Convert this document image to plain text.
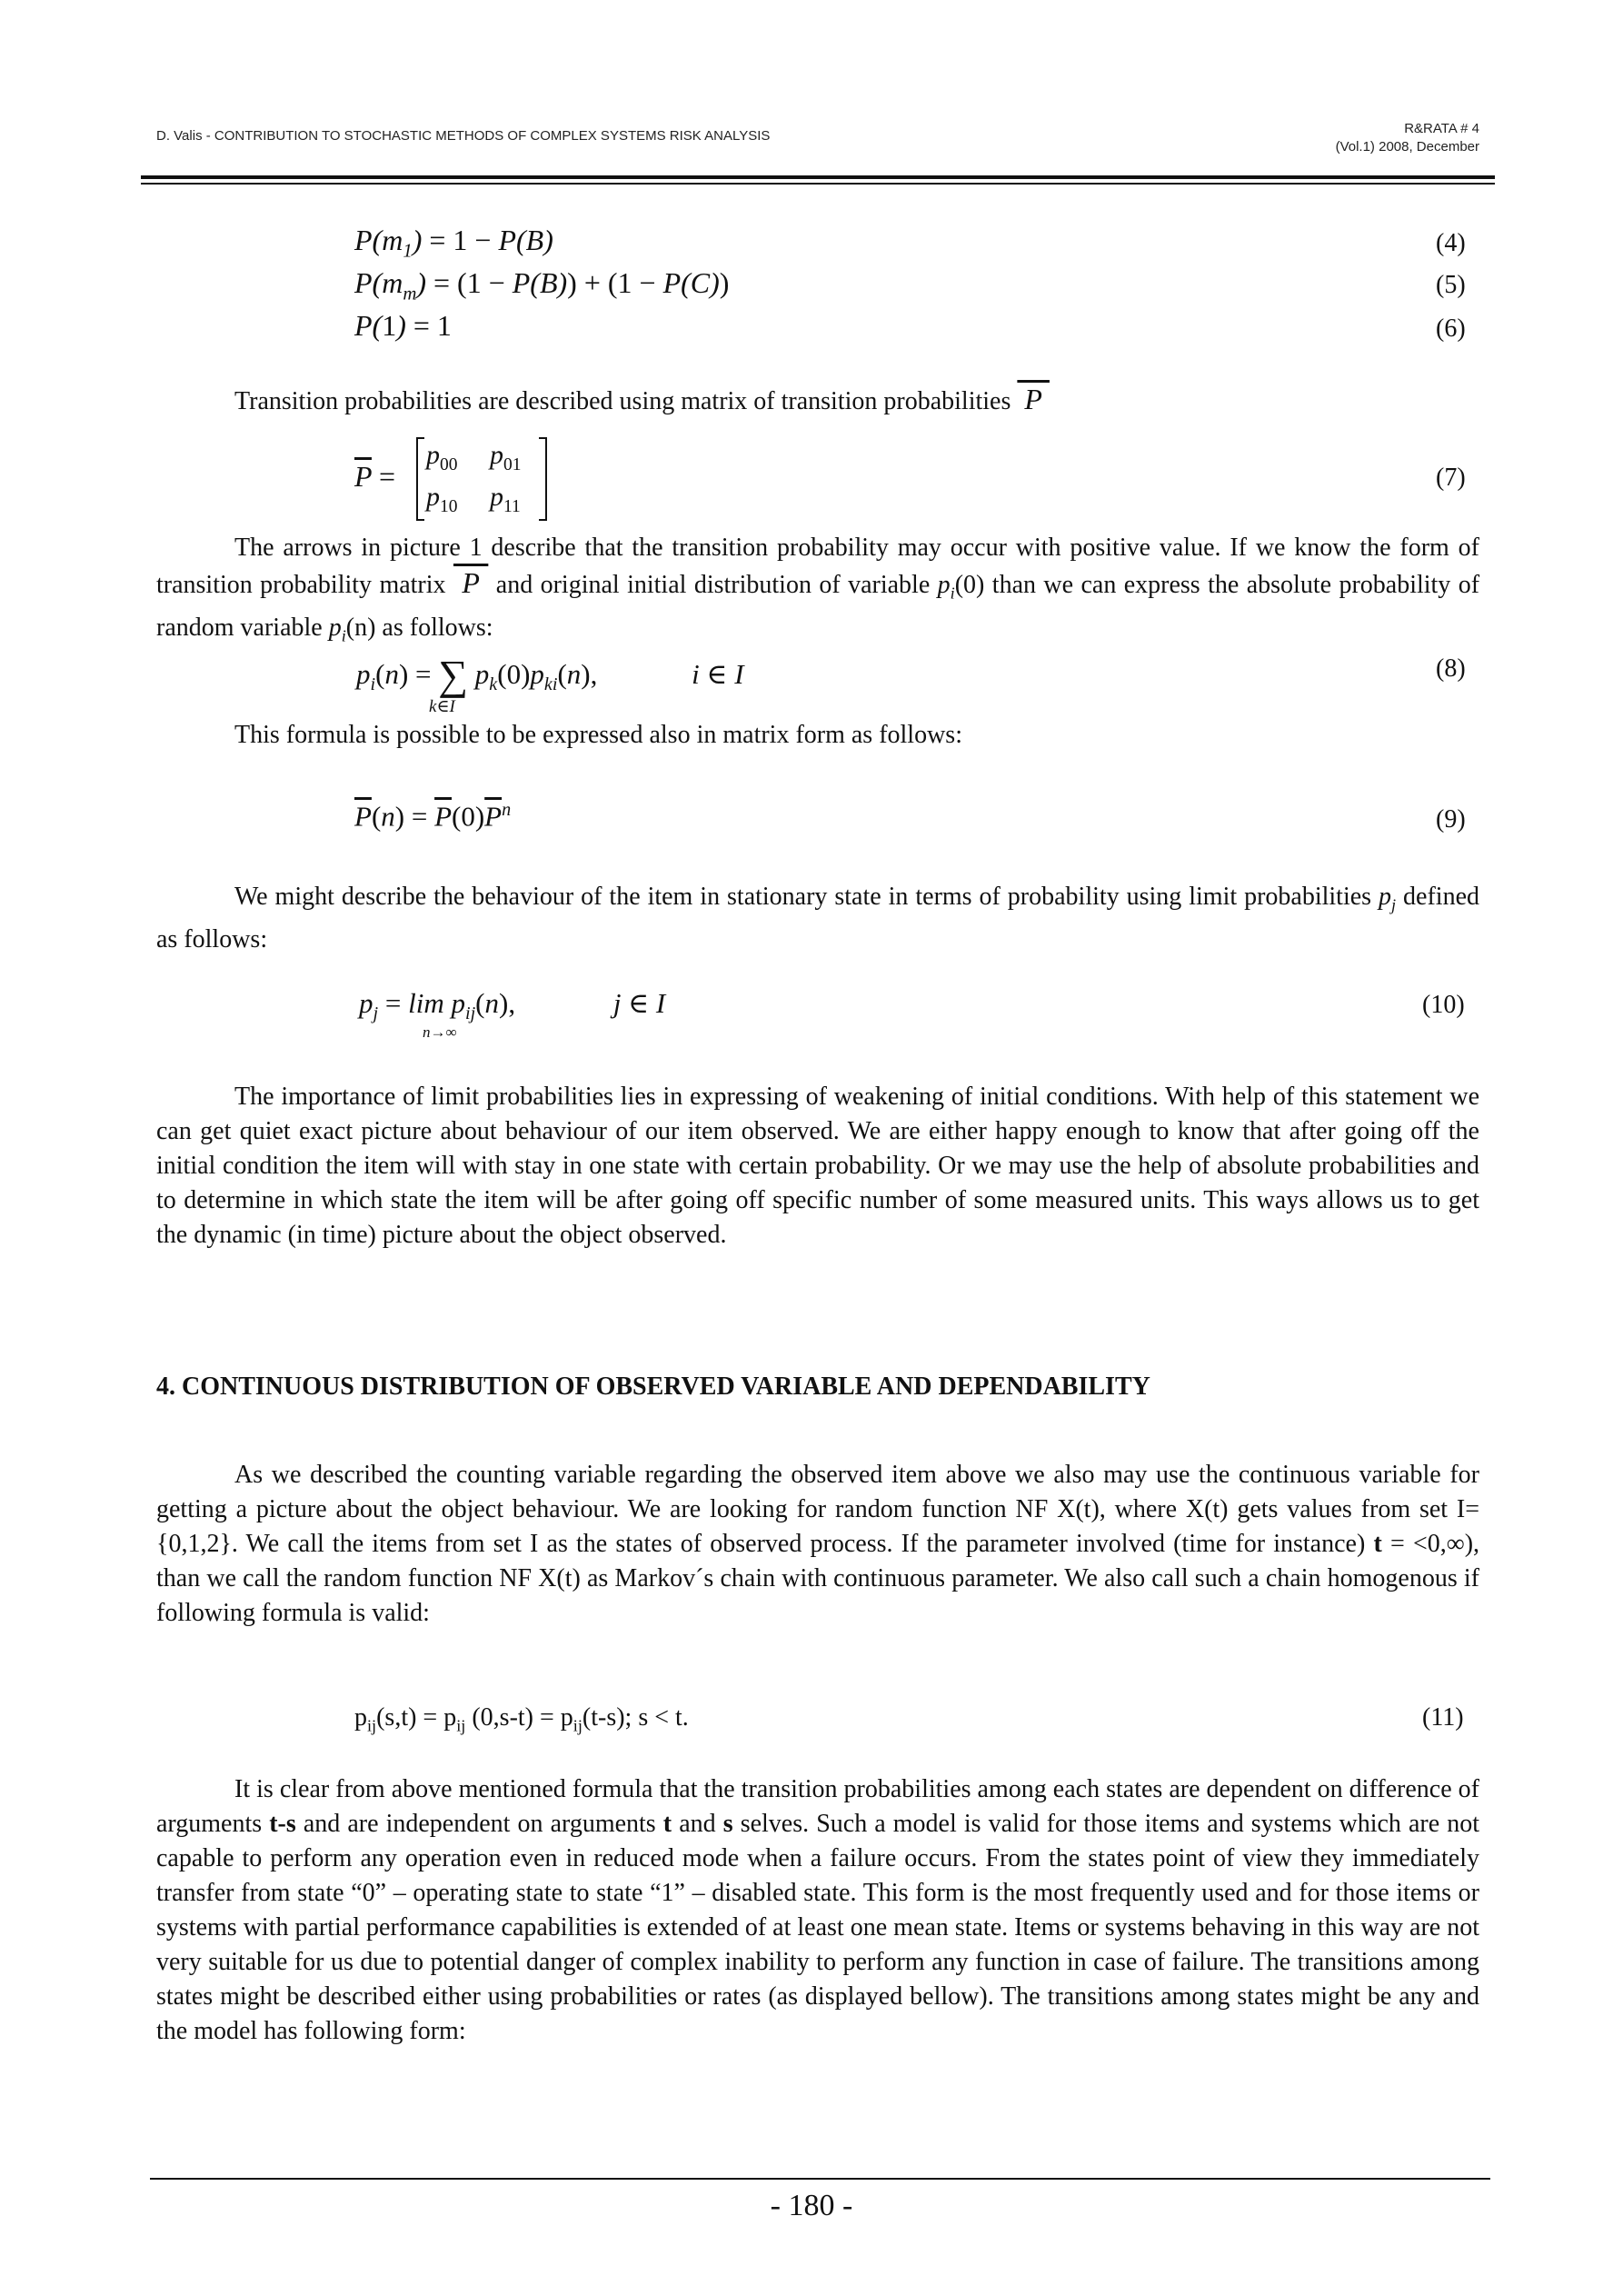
D. Valis - CONTRIBUTION TO STOCHASTIC METHODS OF COMPLEX SYSTEMS RISK ANALYSIS	R&RATA # 4
(Vol.1) 2008, December
$P(m_1) = 1 - P(B)$	(4)
$P(m_m) = (1 - P(B)) + (1 - P(C))$	(5)
P(1) = 1	(6)
Transition probabilities are described using matrix of transition probabilities  P
$\overline{P}$ =
$p_{00}$ $p_{01}$
$p_{10}$ $p_{11}$
(7)
The arrows in picture 1 describe that the transition probability may occur with positive value. If we know the form of transition probability matrix  P  and original initial distribution of variable $p_i(0)$ than we can express the absolute probability of random variable $p_i(n)$ as follows:
$p_i(n)$ = ∑ $p_k(0)p_{ki}(n)$,	i ∈ I
k∈I
(8)
This formula is possible to be expressed also in matrix form as follows:
$\overline{P}(n) = \overline{P}(0)\overline{P}^n$	(9)
We might describe the behaviour of the item in stationary state in terms of probability using limit probabilities $p_j$ defined as follows:
$p_j = \lim p_{ij}(n)$,	j ∈ I
n→∞
(10)
The importance of limit probabilities lies in expressing of weakening of initial conditions. With help of this statement we can get quiet exact picture about behaviour of our item observed. We are either happy enough to know that after going off the initial condition the item will with stay in one state with certain probability. Or we may use the help of absolute probabilities and to determine in which state the item will be after going off specific number of some measured units. This ways allows us to get the dynamic (in time) picture about the object observed.
4. CONTINUOUS DISTRIBUTION OF OBSERVED VARIABLE AND DEPENDABILITY
As we described the counting variable regarding the observed item above we also may use the continuous variable for getting a picture about the object behaviour. We are looking for random function NF X(t), where X(t) gets values from set I={0,1,2}. We call the items from set I as the states of observed process. If the parameter involved (time for instance) t = <0,∞), than we call the random function NF X(t) as Markov´s chain with continuous parameter. We also call such a chain homogenous if following formula is valid:
$p_{ij}(s,t) = p_{ij}$ $(0,s-t) = p_{ij}(t-s)$; s < t.	(11)
It is clear from above mentioned formula that the transition probabilities among each states are dependent on difference of arguments t-s and are independent on arguments t and s selves. Such a model is valid for those items and systems which are not capable to perform any operation even in reduced mode when a failure occurs. From the states point of view they immediately transfer from state “0” – operating state to state “1” – disabled state. This form is the most frequently used and for those items or systems with partial performance capabilities is extended of at least one mean state. Items or systems behaving in this way are not very suitable for us due to potential danger of complex inability to perform any function in case of failure. The transitions among states might be described either using probabilities or rates (as displayed bellow). The transitions among states might be any and the model has following form:
- 180 -
